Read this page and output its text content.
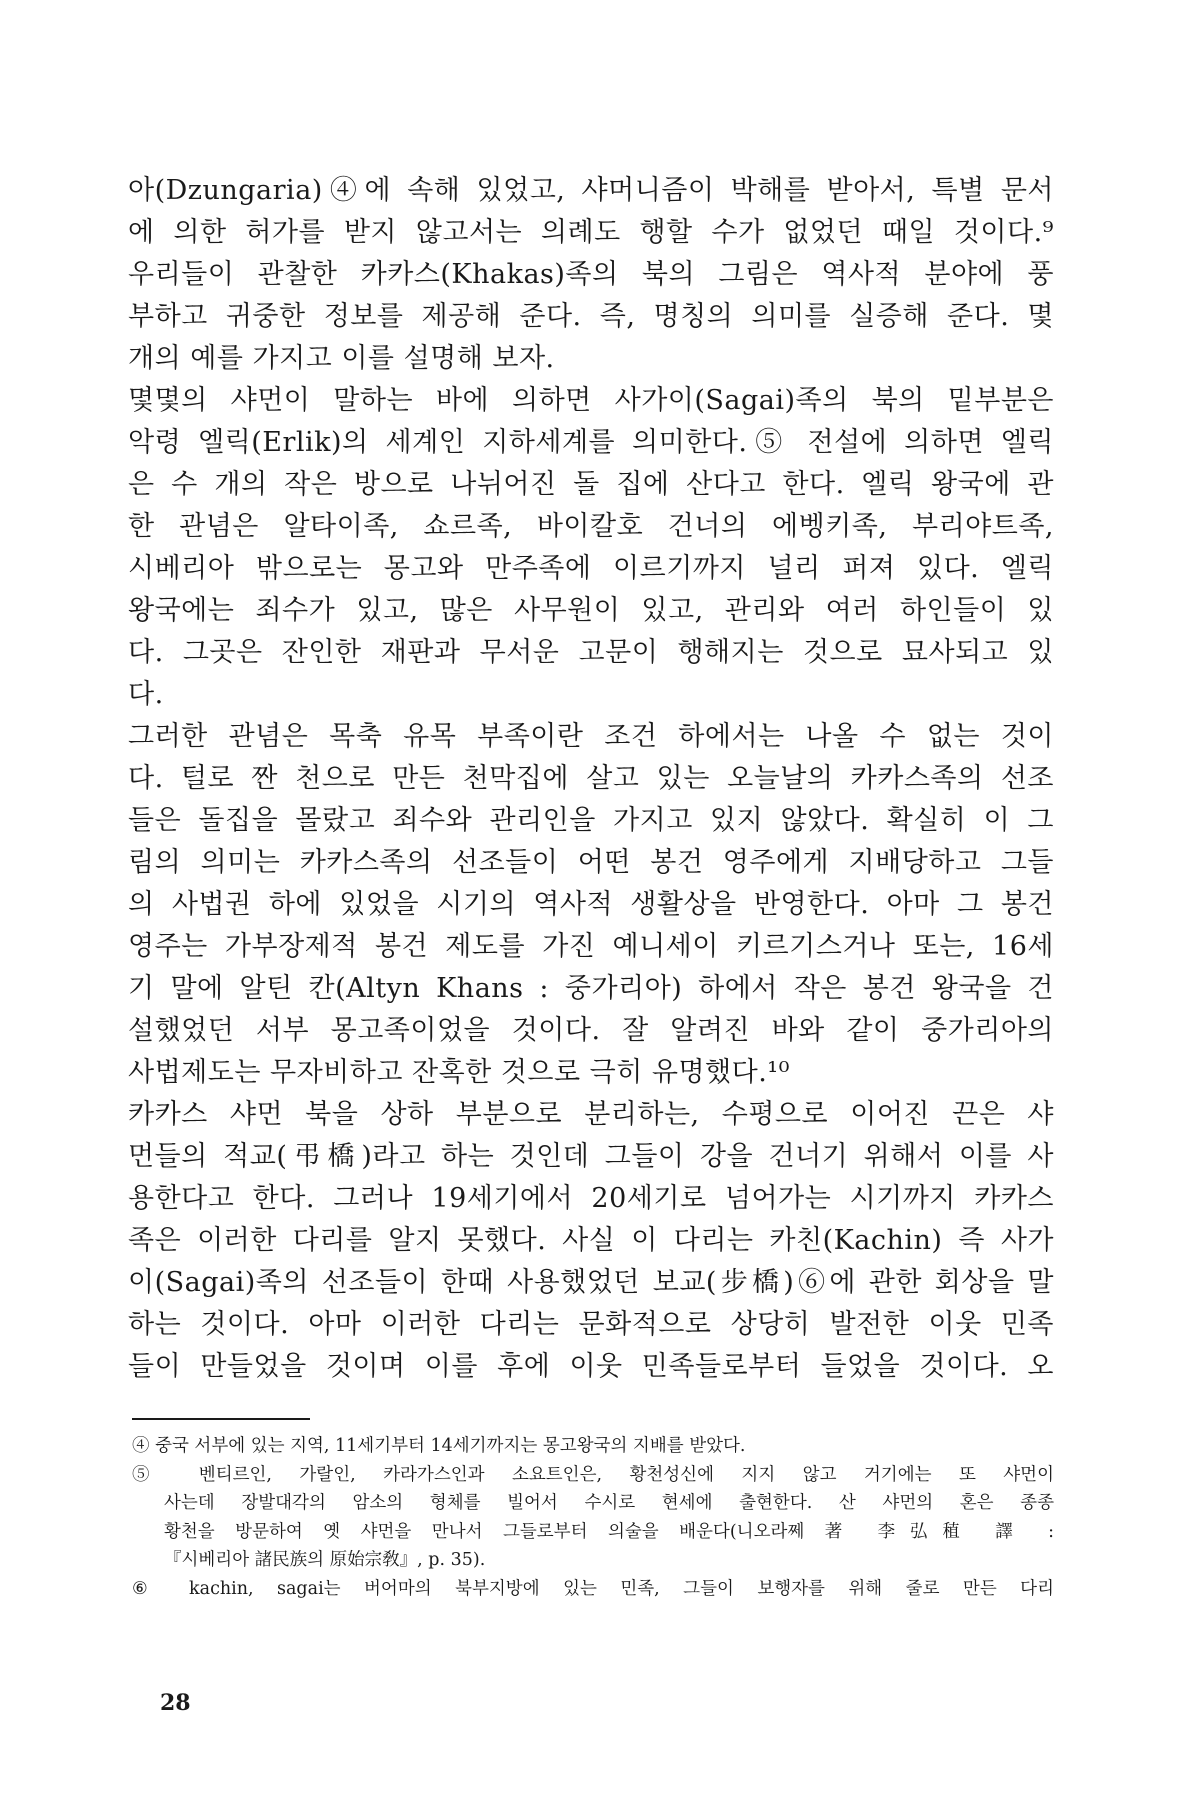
아(Dzungaria)④에 속해 있었고, 샤머니즘이 박해를 받아서, 특별 문서
에 의한 허가를 받지 않고서는 의례도 행할 수가 없었던 때일 것이다.⁹
우리들이 관찰한 카카스(Khakas)족의 북의 그림은 역사적 분야에 풍
부하고 귀중한 정보를 제공해 준다. 즉, 명칭의 의미를 실증해 준다. 몇
개의 예를 가지고 이를 설명해 보자.
몇몇의 샤먼이 말하는 바에 의하면 사가이(Sagai)족의 북의 밑부분은
악령 엘릭(Erlik)의 세계인 지하세계를 의미한다.⑤ 전설에 의하면 엘릭
은 수 개의 작은 방으로 나뉘어진 돌 집에 산다고 한다. 엘릭 왕국에 관
한 관념은 알타이족, 쇼르족, 바이칼호 건너의 에벵키족, 부리야트족,
시베리아 밖으로는 몽고와 만주족에 이르기까지 널리 퍼져 있다. 엘릭
왕국에는 죄수가 있고, 많은 사무원이 있고, 관리와 여러 하인들이 있
다. 그곳은 잔인한 재판과 무서운 고문이 행해지는 것으로 묘사되고 있
다.
그러한 관념은 목축 유목 부족이란 조건 하에서는 나올 수 없는 것이
다. 털로 짠 천으로 만든 천막집에 살고 있는 오늘날의 카카스족의 선조
들은 돌집을 몰랐고 죄수와 관리인을 가지고 있지 않았다. 확실히 이 그
림의 의미는 카카스족의 선조들이 어떤 봉건 영주에게 지배당하고 그들
의 사법권 하에 있었을 시기의 역사적 생활상을 반영한다. 아마 그 봉건
영주는 가부장제적 봉건 제도를 가진 예니세이 키르기스거나 또는, 16세
기 말에 알틴 칸(Altyn Khans : 중가리아) 하에서 작은 봉건 왕국을 건
설했었던 서부 몽고족이었을 것이다. 잘 알려진 바와 같이 중가리아의
사법제도는 무자비하고 잔혹한 것으로 극히 유명했다.¹⁰
카카스 샤먼 북을 상하 부분으로 분리하는, 수평으로 이어진 끈은 샤
먼들의 적교(弔橋)라고 하는 것인데 그들이 강을 건너기 위해서 이를 사
용한다고 한다. 그러나 19세기에서 20세기로 넘어가는 시기까지 카카스
족은 이러한 다리를 알지 못했다. 사실 이 다리는 카친(Kachin) 즉 사가
이(Sagai)족의 선조들이 한때 사용했었던 보교(步橋)⑥에 관한 회상을 말
하는 것이다. 아마 이러한 다리는 문화적으로 상당히 발전한 이웃 민족
들이 만들었을 것이며 이를 후에 이웃 민족들로부터 들었을 것이다. 오
④ 중국 서부에 있는 지역, 11세기부터 14세기까지는 몽고왕국의 지배를 받았다.
⑤ 벤티르인, 가랄인, 카라가스인과 소요트인은, 황천성신에 지지 않고 거기에는 또 샤먼이
사는데 장발대각의 암소의 형체를 빌어서 수시로 현세에 출현한다. 산 샤먼의 혼은 종종
황천을 방문하여 옛 샤먼을 만나서 그들로부터 의술을 배운다(니오라쩨 著 李弘稙 譯 :
『시베리아 諸民族의 原始宗敎』, p. 35).
⑥ kachin, sagai는 버어마의 북부지방에 있는 민족, 그들이 보행자를 위해 줄로 만든 다리
28
